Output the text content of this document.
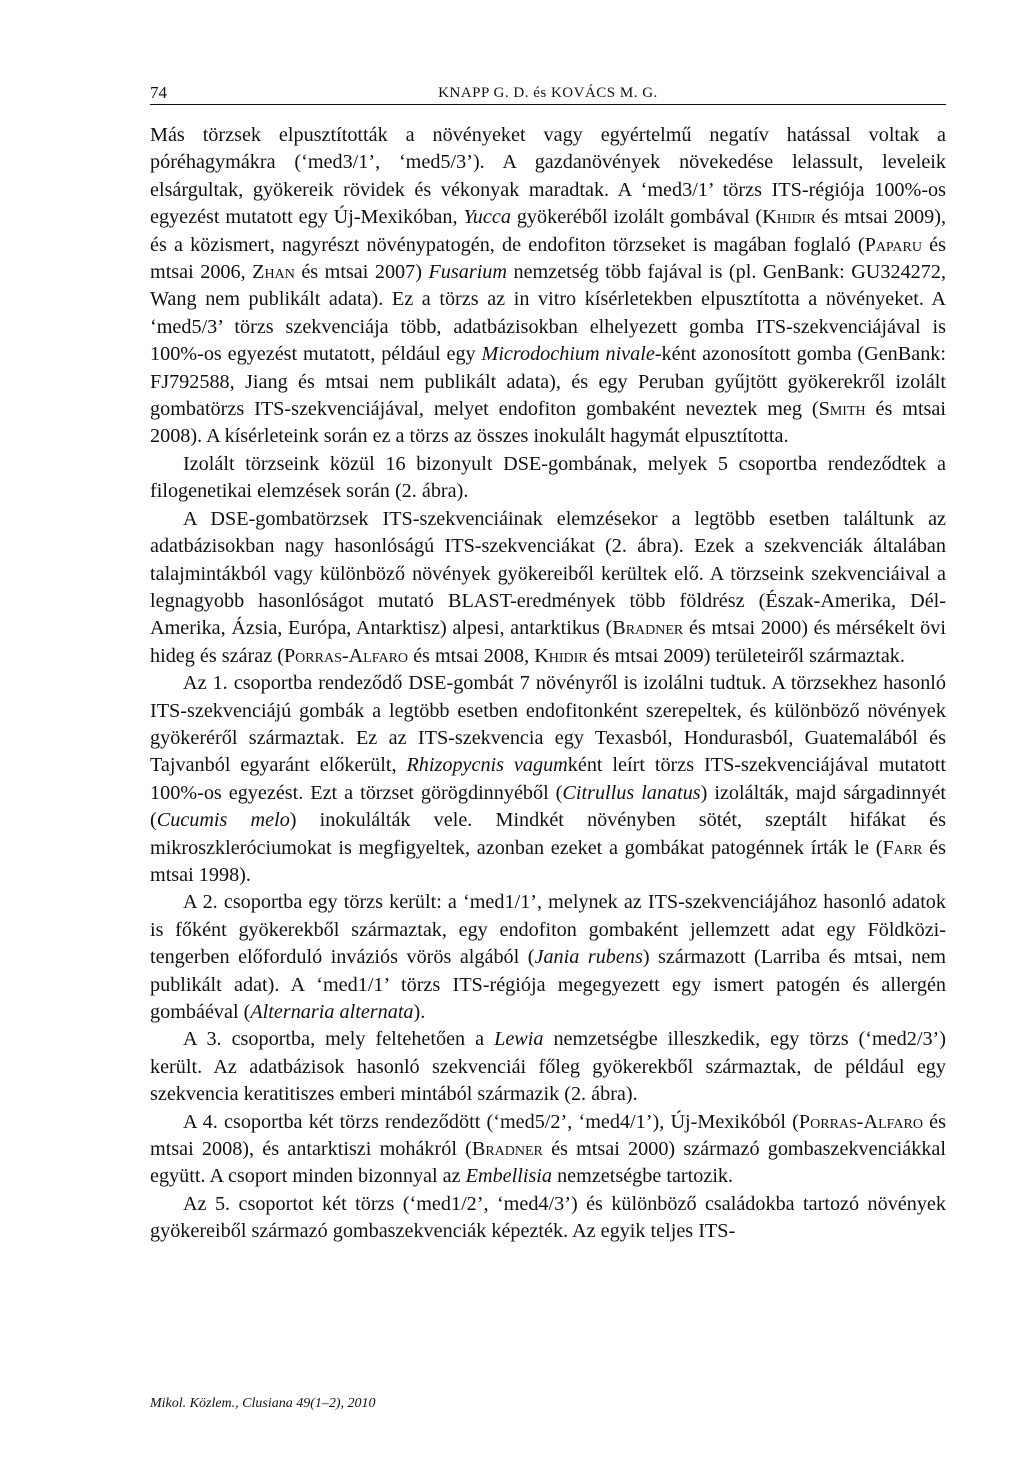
74	KNAPP G. D. és KOVÁCS M. G.

Más törzsek elpusztították a növényeket vagy egyértelmű negatív hatással voltak a póréhagymákra (‘med3/1’, ‘med5/3’). A gazdanövények növekedése lelassult, leveleik elsárgultak, gyökereik rövidek és vékonyak maradtak. A ‘med3/1’ törzs ITS-régiója 100%-os egyezést mutatott egy Új-Mexikóban, Yucca gyökeréből izolált gombával (Khidir és mtsai 2009), és a közismert, nagyrészt növénypatogén, de endofiton törzseket is magában foglaló (Paparu és mtsai 2006, Zhan és mtsai 2007) Fusarium nemzetség több fajával is (pl. GenBank: GU324272, Wang nem publikált adata). Ez a törzs az in vitro kísérletekben elpusztította a növényeket. A ‘med5/3’ törzs szekvenciája több, adatbázisokban elhelyezett gomba ITS-szekvenciájával is 100%-os egyezést mutatott, például egy Microdochium nivale-ként azonosított gomba (GenBank: FJ792588, Jiang és mtsai nem publikált adata), és egy Peruban gyűjtött gyökerekről izolált gombatörzs ITS-szekvenciájával, melyet endofiton gombaként neveztek meg (Smith és mtsai 2008). A kísérleteink során ez a törzs az összes inokulált hagymát elpusztította.

Izolált törzseink közül 16 bizonyult DSE-gombának, melyek 5 csoportba rendeződtek a filogenetikai elemzések során (2. ábra).

A DSE-gombatörzsek ITS-szekvenciáinak elemzésekor a legtöbb esetben találtunk az adatbázisokban nagy hasonlóságú ITS-szekvenciákat (2. ábra). Ezek a szekvenciák általában talajmintákból vagy különböző növények gyökereiből kerültek elő. A törzseink szekvenciáival a legnagyobb hasonlóságot mutató BLAST-eredmények több földrész (Észak-Amerika, Dél-Amerika, Ázsia, Európa, Antarktisz) alpesi, antarktikus (Bradner és mtsai 2000) és mérsékelt övi hideg és száraz (Porras-Alfaro és mtsai 2008, Khidir és mtsai 2009) területeiről származtak.

Az 1. csoportba rendeződő DSE-gombát 7 növényről is izolálni tudtuk. A törzsekhez hasonló ITS-szekvenciájú gombák a legtöbb esetben endofitonként szerepeltek, és különböző növények gyökeréről származtak. Ez az ITS-szekvencia egy Texasból, Hondurasból, Guatemalából és Tajvanból egyaránt előkerült, Rhizopycnis vagumként leírt törzs ITS-szekvenciájával mutatott 100%-os egyezést. Ezt a törzset görögdinnyéből (Citrullus lanatus) izolálták, majd sárgadinnyét (Cucumis melo) inokulálták vele. Mindkét növényben sötét, szeptált hifákat és mikroszkleróciumokat is megfigyeltek, azonban ezeket a gombákat patogénnek írták le (Farr és mtsai 1998).

A 2. csoportba egy törzs került: a ‘med1/1’, melynek az ITS-szekvenciájához hasonló adatok is főként gyökerekből származtak, egy endofiton gombaként jellemzett adat egy Földközi-tengerben előforduló inváziós vörös algából (Jania rubens) származott (Larriba és mtsai, nem publikált adat). A ‘med1/1’ törzs ITS-régiója megegyezett egy ismert patogén és allergén gombáéval (Alternaria alternata).

A 3. csoportba, mely feltehetően a Lewia nemzetségbe illeszkedik, egy törzs (‘med2/3’) került. Az adatbázisok hasonló szekvenciái főleg gyökerekből származtak, de például egy szekvencia keratitiszes emberi mintából származik (2. ábra).

A 4. csoportba két törzs rendeződött (‘med5/2’, ‘med4/1’), Új-Mexikóból (Porras-Alfaro és mtsai 2008), és antarktiszi mohákról (Bradner és mtsai 2000) származó gombaszekvenciákkal együtt. A csoport minden bizonnyal az Embellisia nemzetségbe tartozik.

Az 5. csoportot két törzs (‘med1/2’, ‘med4/3’) és különböző családokba tartozó növények gyökereiből származó gombaszekvenciák képezték. Az egyik teljes ITS-

Mikol. Közlem., Clusiana 49(1–2), 2010
